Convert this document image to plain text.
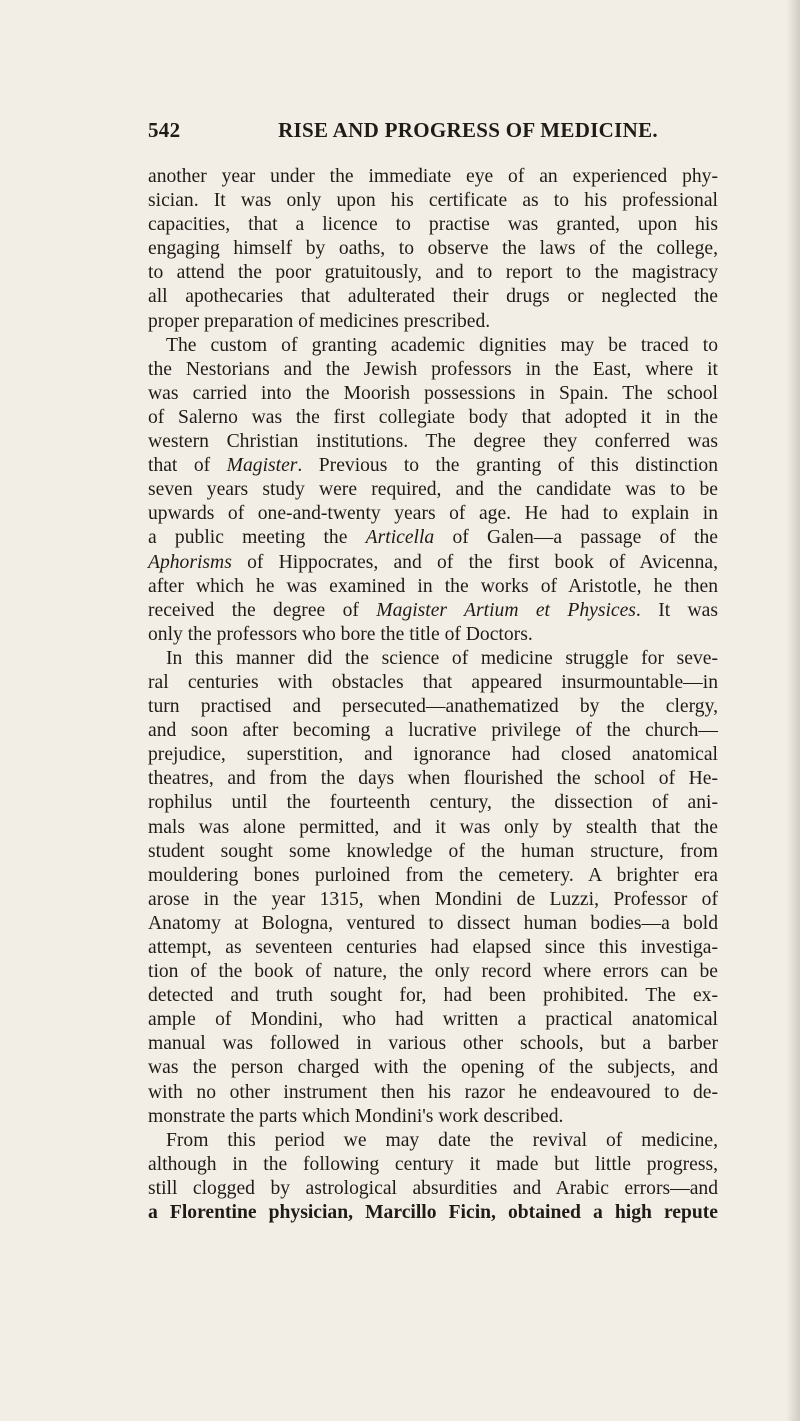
542	RISE AND PROGRESS OF MEDICINE.
another year under the immediate eye of an experienced phy-
sician. It was only upon his certificate as to his professional
capacities, that a licence to practise was granted, upon his
engaging himself by oaths, to observe the laws of the college,
to attend the poor gratuitously, and to report to the magistracy
all apothecaries that adulterated their drugs or neglected the
proper preparation of medicines prescribed.
The custom of granting academic dignities may be traced to
the Nestorians and the Jewish professors in the East, where it
was carried into the Moorish possessions in Spain. The school
of Salerno was the first collegiate body that adopted it in the
western Christian institutions. The degree they conferred was
that of Magister. Previous to the granting of this distinction
seven years study were required, and the candidate was to be
upwards of one-and-twenty years of age. He had to explain in
a public meeting the Articella of Galen—a passage of the
Aphorisms of Hippocrates, and of the first book of Avicenna,
after which he was examined in the works of Aristotle, he then
received the degree of Magister Artium et Physices. It was
only the professors who bore the title of Doctors.
In this manner did the science of medicine struggle for seve-
ral centuries with obstacles that appeared insurmountable—in
turn practised and persecuted—anathematized by the clergy,
and soon after becoming a lucrative privilege of the church—
prejudice, superstition, and ignorance had closed anatomical
theatres, and from the days when flourished the school of He-
rophilus until the fourteenth century, the dissection of ani-
mals was alone permitted, and it was only by stealth that the
student sought some knowledge of the human structure, from
mouldering bones purloined from the cemetery. A brighter era
arose in the year 1315, when Mondini de Luzzi, Professor of
Anatomy at Bologna, ventured to dissect human bodies—a bold
attempt, as seventeen centuries had elapsed since this investiga-
tion of the book of nature, the only record where errors can be
detected and truth sought for, had been prohibited. The ex-
ample of Mondini, who had written a practical anatomical
manual was followed in various other schools, but a barber
was the person charged with the opening of the subjects, and
with no other instrument then his razor he endeavoured to de-
monstrate the parts which Mondini's work described.
From this period we may date the revival of medicine,
although in the following century it made but little progress,
still clogged by astrological absurdities and Arabic errors—and
a Florentine physician, Marcillo Ficin, obtained a high repute
